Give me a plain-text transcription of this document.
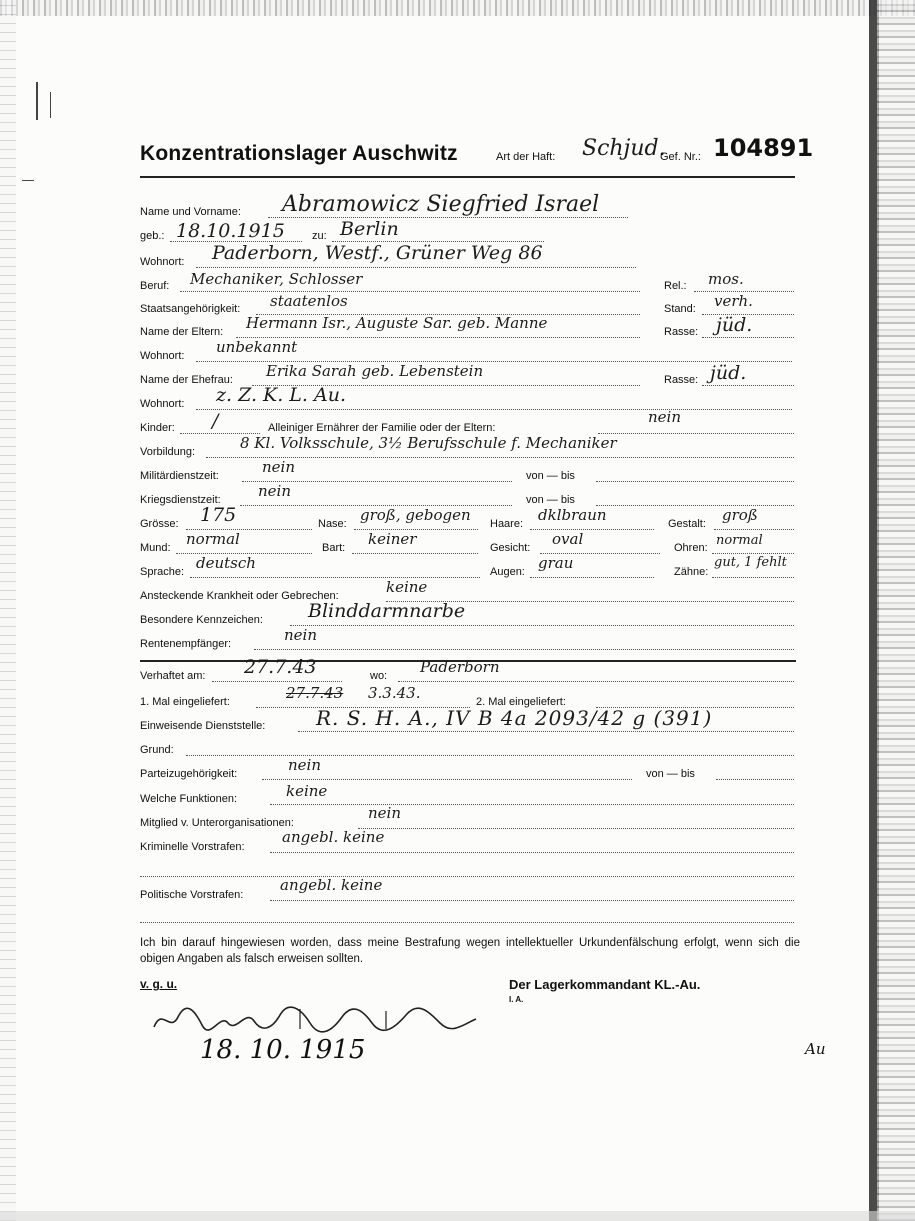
Konzentrationslager Auschwitz	Art der Haft: Schjud.
Gef. Nr.: 104891
Name und Vorname: Abramowicz Siegfried Israel
geb.: 18.10.1915 zu: Berlin
Wohnort: Paderborn, Westf., Grüner Weg 86
Beruf: Mechaniker, Schlosser	Rel.: mos.
Staatsangehörigkeit: staatenlos	Stand: verh.
Name der Eltern: Hermann Isr., Auguste Sar. geb. Manne	Rasse: jüd.
Wohnort: unbekannt
Name der Ehefrau: Erika Sarah geb. Lebenstein	Rasse: jüd.
Wohnort: z. Z. K. L. Au.
Kinder: /	Alleiniger Ernährer der Familie oder der Eltern:
nein
Vorbildung:	8 Kl. Volksschule, 3½ Berufsschule f. Mechaniker
Militärdienstzeit:	nein	von — bis
Kriegsdienstzeit: nein	von — bis
Grösse: 175	Nase: groß, gebogen Haare: dklbraun	Gestalt: groß
Mund: normal	Bart: keiner	Gesicht: oval	Ohren: normal
Sprache: deutsch	Augen: grau	Zähne:
gut, 1 fehlt
Ansteckende Krankheit oder Gebrechen:	keine
Besondere Kennzeichen: Blinddarmnarbe
Rentenempfänger:	nein
Verhaftet am: 27.7.43	wo: Paderborn
1. Mal eingeliefert:	27.7.43 3.3.43.	2. Mal eingeliefert:
Einweisende Dienststelle:	R. S. H. A., IV B 4a 2093/42 g (391)
Grund:
Parteizugehörigkeit:	nein	von — bis
Welche Funktionen:	keine
Mitglied v. Unterorganisationen:
nein
Kriminelle Vorstrafen:
angebl. keine
Politische Vorstrafen:
angebl. keine
Ich bin darauf hingewiesen worden, dass meine Bestrafung wegen intellektueller Urkundenfälschung erfolgt, wenn sich die obigen Angaben als falsch erweisen sollten.
v. g. u.	Der Lagerkommandant KL.-Au.
I. A.
18. 10. 1915	Au
